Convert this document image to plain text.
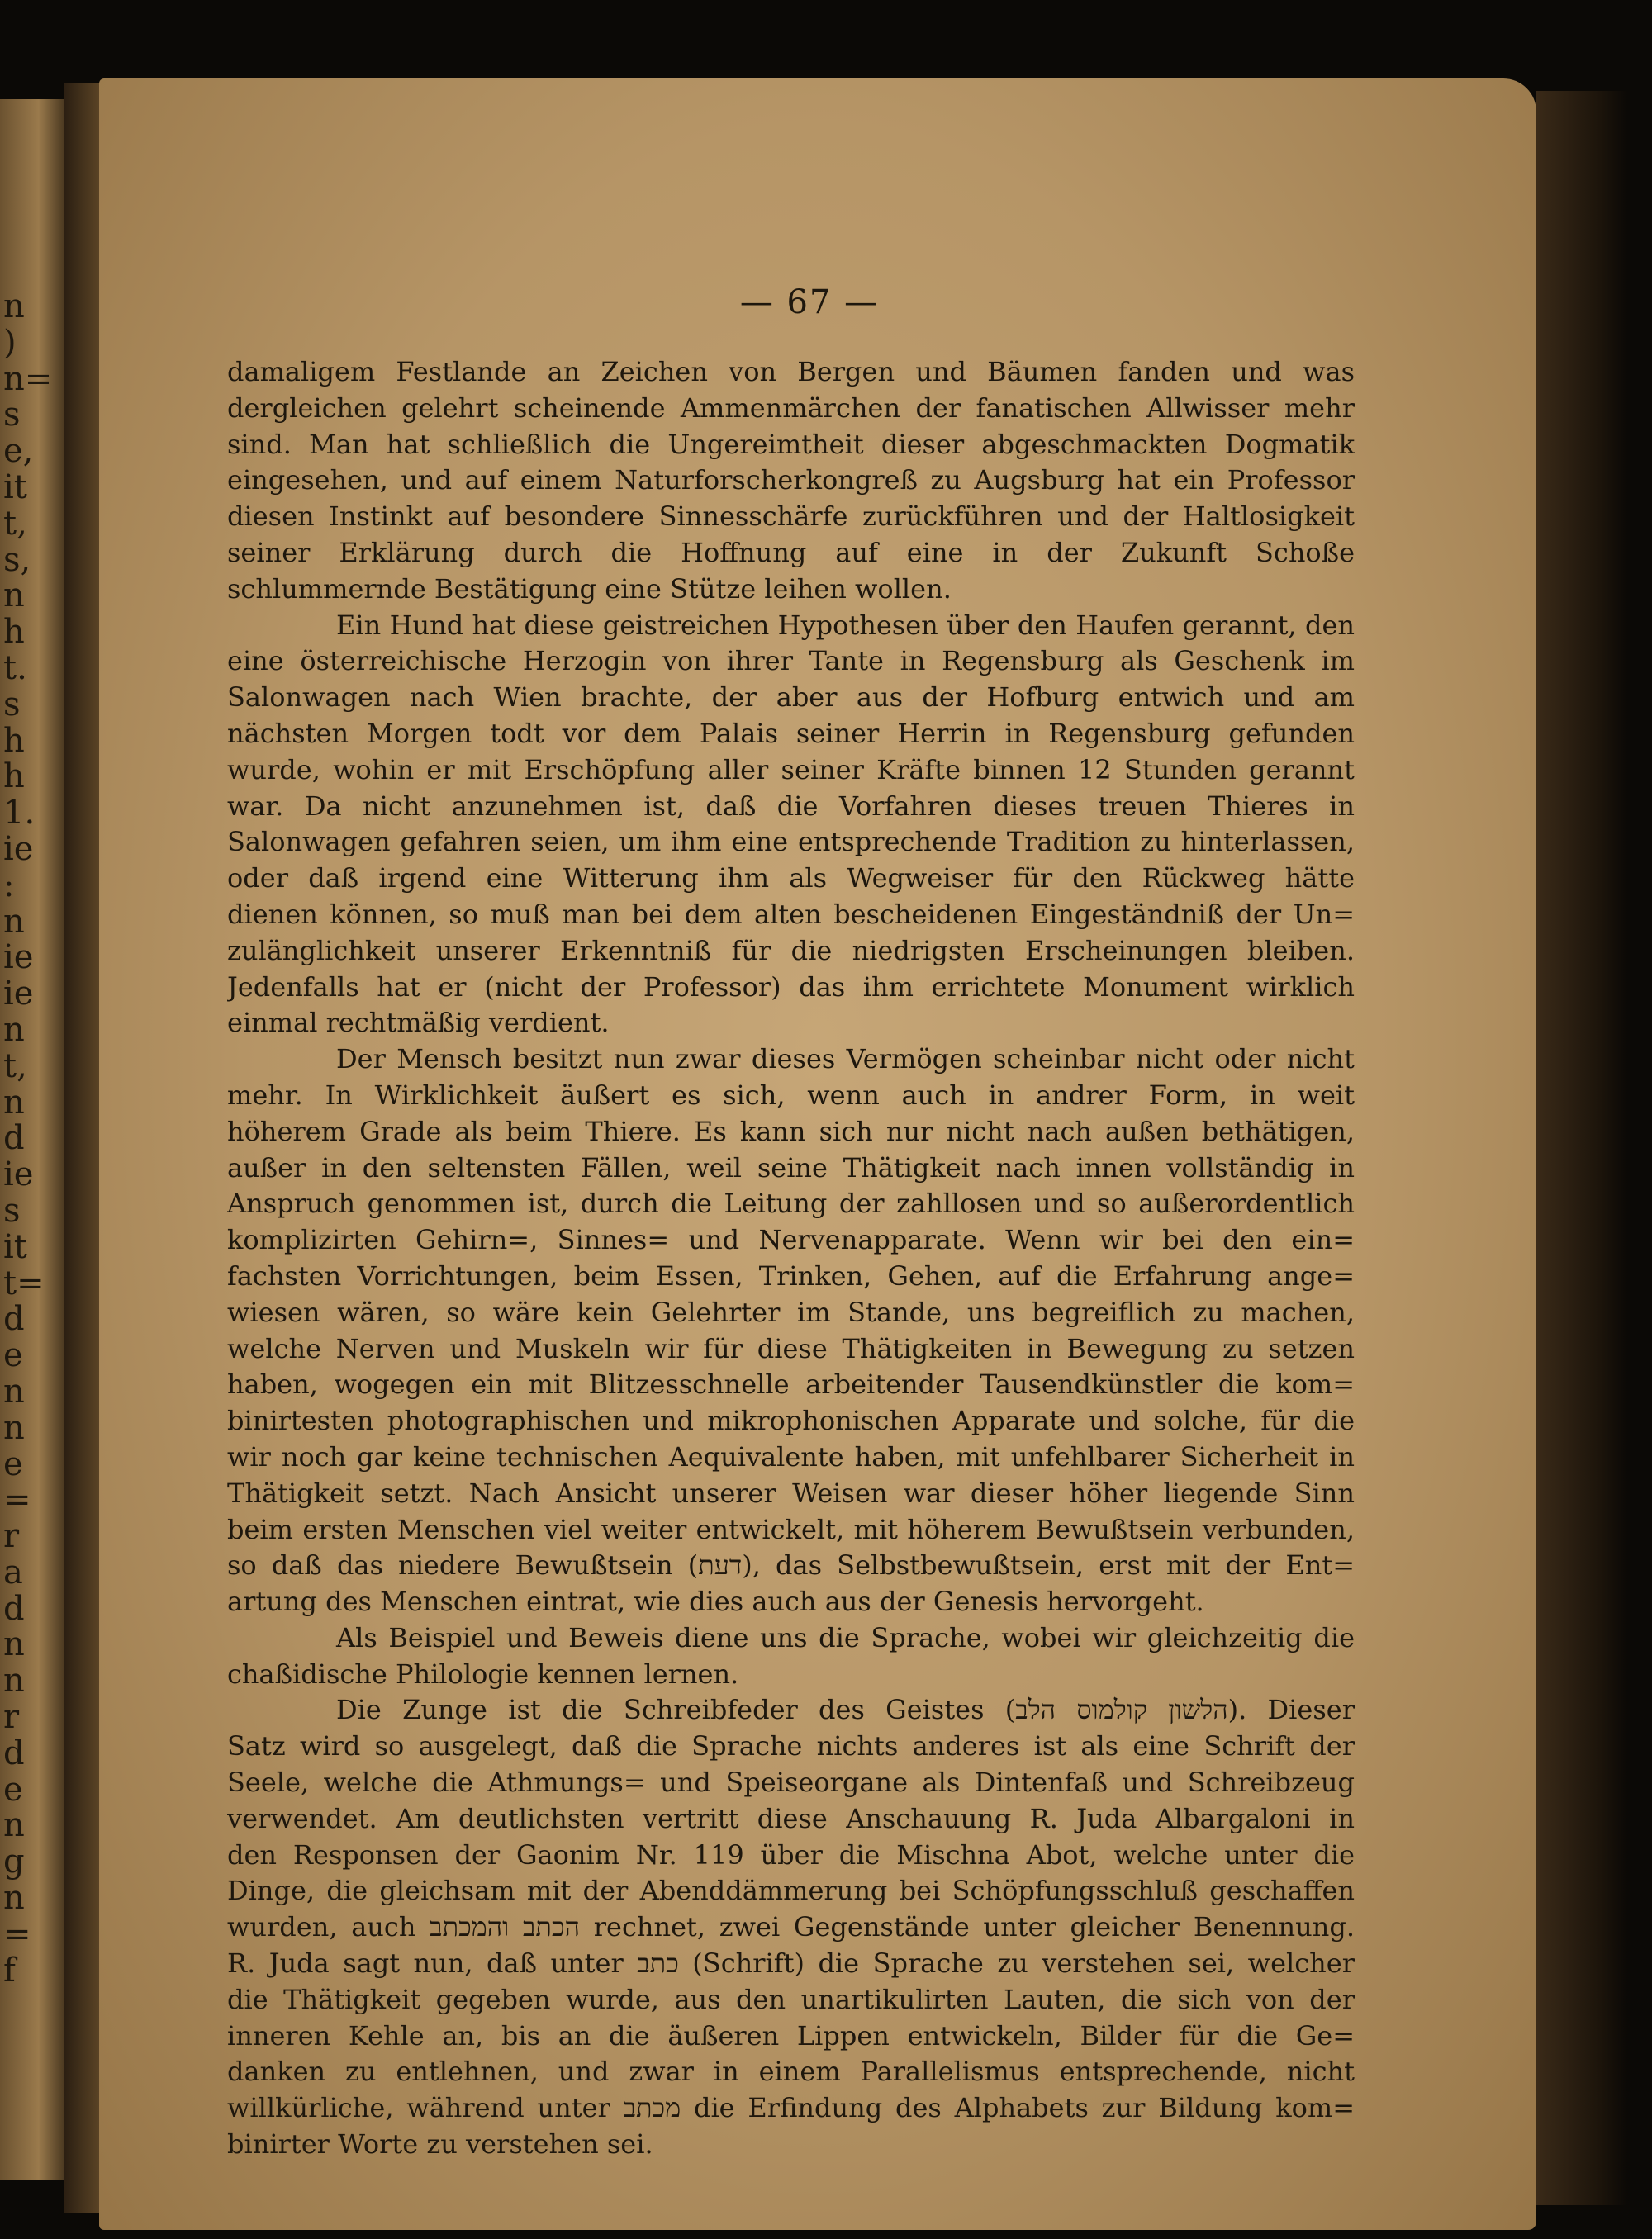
n
)
n=
s
e,
it
t,
s,
n
h
t.
s
h
h
1.
ie
:
n
ie
ie
n
t,
n
d
ie
s
it
t=
d
e
n
n
e
=
r
a
d
n
n
r
d
e
n
g
n
=
f
— 67 —
damaligem Festlande an Zeichen von Bergen und Bäumen fanden und was
dergleichen gelehrt scheinende Ammenmärchen der fanatischen Allwisser mehr
sind. Man hat schließlich die Ungereimtheit dieser abgeschmackten Dogmatik
eingesehen, und auf einem Naturforscherkongreß zu Augsburg hat ein Professor
diesen Instinkt auf besondere Sinnesschärfe zurückführen und der Haltlosigkeit
seiner Erklärung durch die Hoffnung auf eine in der Zukunft Schoße
schlummernde Bestätigung eine Stütze leihen wollen.
Ein Hund hat diese geistreichen Hypothesen über den Haufen gerannt, den
eine österreichische Herzogin von ihrer Tante in Regensburg als Geschenk im
Salonwagen nach Wien brachte, der aber aus der Hofburg entwich und am
nächsten Morgen todt vor dem Palais seiner Herrin in Regensburg gefunden
wurde, wohin er mit Erschöpfung aller seiner Kräfte binnen 12 Stunden gerannt
war. Da nicht anzunehmen ist, daß die Vorfahren dieses treuen Thieres in
Salonwagen gefahren seien, um ihm eine entsprechende Tradition zu hinterlassen,
oder daß irgend eine Witterung ihm als Wegweiser für den Rückweg hätte
dienen können, so muß man bei dem alten bescheidenen Eingeständniß der Un=
zulänglichkeit unserer Erkenntniß für die niedrigsten Erscheinungen bleiben.
Jedenfalls hat er (nicht der Professor) das ihm errichtete Monument wirklich
einmal rechtmäßig verdient.
Der Mensch besitzt nun zwar dieses Vermögen scheinbar nicht oder nicht
mehr. In Wirklichkeit äußert es sich, wenn auch in andrer Form, in weit
höherem Grade als beim Thiere. Es kann sich nur nicht nach außen bethätigen,
außer in den seltensten Fällen, weil seine Thätigkeit nach innen vollständig in
Anspruch genommen ist, durch die Leitung der zahllosen und so außerordentlich
komplizirten Gehirn=, Sinnes= und Nervenapparate. Wenn wir bei den ein=
fachsten Vorrichtungen, beim Essen, Trinken, Gehen, auf die Erfahrung ange=
wiesen wären, so wäre kein Gelehrter im Stande, uns begreiflich zu machen,
welche Nerven und Muskeln wir für diese Thätigkeiten in Bewegung zu setzen
haben, wogegen ein mit Blitzesschnelle arbeitender Tausendkünstler die kom=
binirtesten photographischen und mikrophonischen Apparate und solche, für die
wir noch gar keine technischen Aequivalente haben, mit unfehlbarer Sicherheit in
Thätigkeit setzt. Nach Ansicht unserer Weisen war dieser höher liegende Sinn
beim ersten Menschen viel weiter entwickelt, mit höherem Bewußtsein verbunden,
so daß das niedere Bewußtsein (דעת), das Selbstbewußtsein, erst mit der Ent=
artung des Menschen eintrat, wie dies auch aus der Genesis hervorgeht.
Als Beispiel und Beweis diene uns die Sprache, wobei wir gleichzeitig die
chaßidische Philologie kennen lernen.
Die Zunge ist die Schreibfeder des Geistes (הלשון קולמוס הלב). Dieser
Satz wird so ausgelegt, daß die Sprache nichts anderes ist als eine Schrift der
Seele, welche die Athmungs= und Speiseorgane als Dintenfaß und Schreibzeug
verwendet. Am deutlichsten vertritt diese Anschauung R. Juda Albargaloni in
den Responsen der Gaonim Nr. 119 über die Mischna Abot, welche unter die
Dinge, die gleichsam mit der Abenddämmerung bei Schöpfungsschluß geschaffen
wurden, auch הכתב והמכתב rechnet, zwei Gegenstände unter gleicher Benennung.
R. Juda sagt nun, daß unter כתב (Schrift) die Sprache zu verstehen sei, welcher
die Thätigkeit gegeben wurde, aus den unartikulirten Lauten, die sich von der
inneren Kehle an, bis an die äußeren Lippen entwickeln, Bilder für die Ge=
danken zu entlehnen, und zwar in einem Parallelismus entsprechende, nicht
willkürliche, während unter מכתב die Erfindung des Alphabets zur Bildung kom=
binirter Worte zu verstehen sei.
